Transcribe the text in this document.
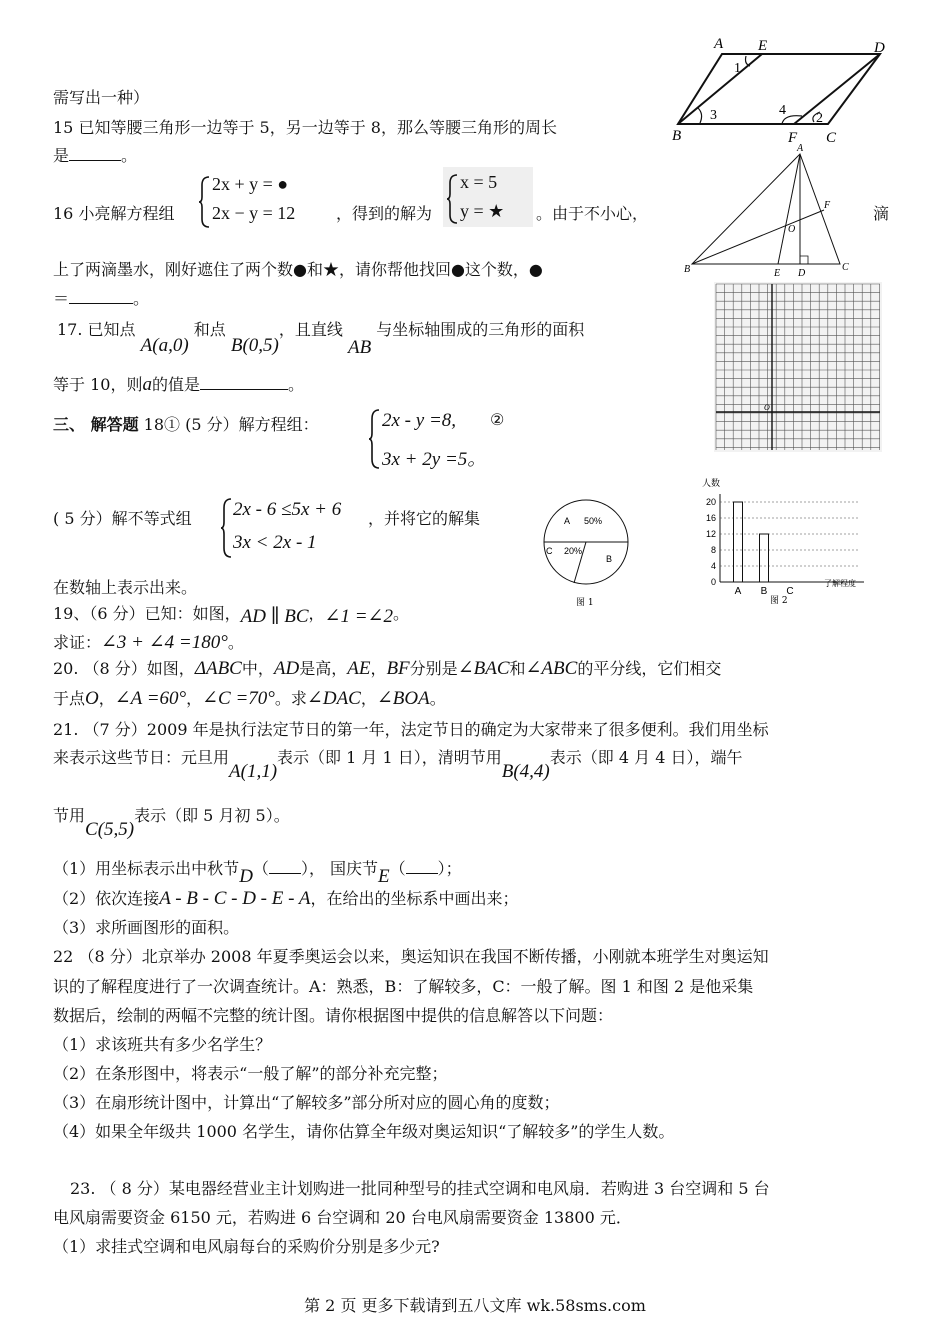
需写出一种）
15 已知等腰三角形一边等于 5，另一边等于 8，那么等腰三角形的周长
是	。
16 小亮解方程组
2x + y = ●
2x − y = 12	，得到的解为
x = 5
y = ★ 。由于不小心，	滴
上了两滴墨水，刚好遮住了两个数●和★，请你帮他找回●这个数，●
＝	。
17. 已知点 A(a,0) 和点 B(0,5)，且直线 AB 与坐标轴围成的三角形的面积
等于 10，则a的值是	。
三、 解答题 18① (5 分）解方程组：	2x - y =8, ②
3x + 2y =5。
( 5 分）解不等式组 2x - 6 ≤5x + 6
3x < 2x - 1
，并将它的解集
在数轴上表示出来。
19、（6 分）已知：如图，AD ∥ BC，∠1 =∠2。
求证：∠3 + ∠4 =180°。
20. （8 分）如图，ΔABC中，AD是高，AE，BF分别是∠BAC和∠ABC的平分线，它们相交
于点O，∠A =60°，∠C =70°。求∠DAC，∠BOA。
21. （7 分）2009 年是执行法定节日的第一年，法定节日的确定为大家带来了很多便利。我们用坐标
来表示这些节日：元旦用A(1,1)表示（即 1 月 1 日），清明节用B(4,4)表示（即 4 月 4 日），端午
节用C(5,5)表示（即 5 月初 5）。
（1）用坐标表示出中秋节D（ ）， 国庆节E（ ）；
（2）依次连接A - B - C - D - E - A，在给出的坐标系中画出来；
（3）求所画图形的面积。
22 （8 分）北京举办 2008 年夏季奥运会以来，奥运知识在我国不断传播，小刚就本班学生对奥运知
识的了解程度进行了一次调查统计。A：熟悉，B：了解较多，C：一般了解。图 1 和图 2 是他采集
数据后，绘制的两幅不完整的统计图。请你根据图中提供的信息解答以下问题：
（1）求该班共有多少名学生？
（2）在条形图中，将表示“一般了解”的部分补充完整；
（3）在扇形统计图中，计算出“了解较多”部分所对应的圆心角的度数；
（4）如果全年级共 1000 名学生，请你估算全年级对奥运知识“了解较多”的学生人数。
23. （ 8 分）某电器经营业主计划购进一批同种型号的挂式空调和电风扇．若购进 3 台空调和 5 台
电风扇需要资金 6150 元，若购进 6 台空调和 20 台电风扇需要资金 13800 元．
（1）求挂式空调和电风扇每台的采购价分别是多少元?
第 2 页 更多下载请到五八文库 wk.58sms.com
A E	D
B	F C
1
3	4
2
A
B	C
D
E
F
O
O
A 50%
C 20%
B
图 1
人数
20
16
12
8
4
0
A B C
了解程度
图 2
